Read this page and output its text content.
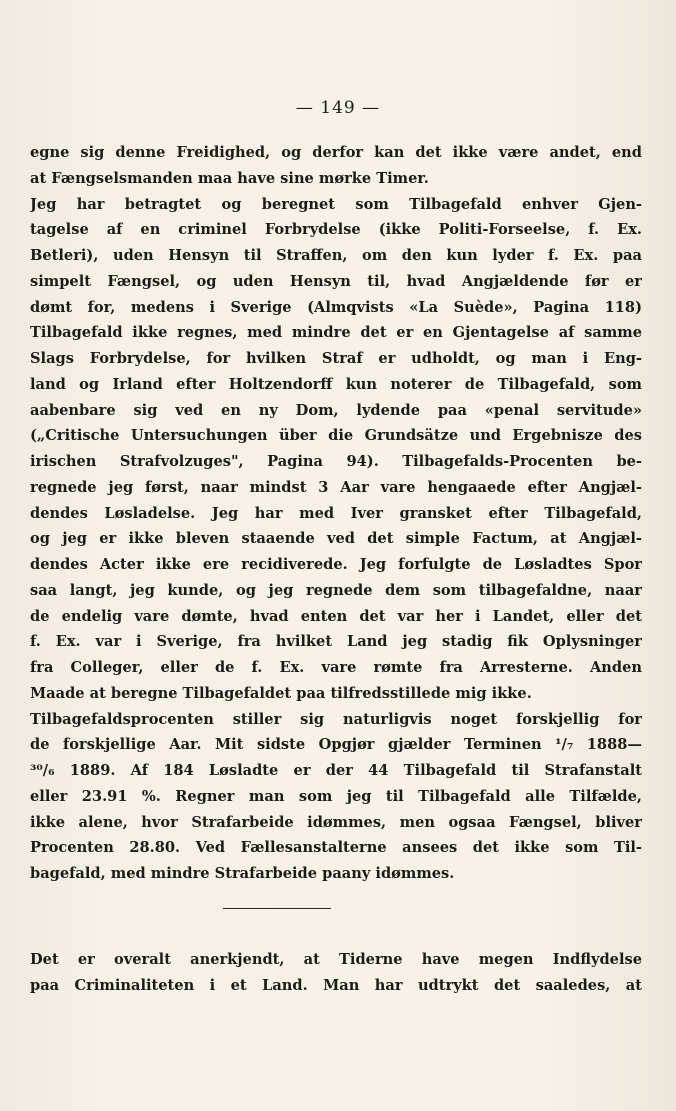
— 149 —
egne sig denne Freidighed, og derfor kan det ikke være andet, end
at Fængselsmanden maa have sine mørke Timer.
Jeg har betragtet og beregnet som Tilbagefald enhver Gjen-
tagelse af en criminel Forbrydelse (ikke Politi-Forseelse, f. Ex.
Betleri), uden Hensyn til Straffen, om den kun lyder f. Ex. paa
simpelt Fængsel, og uden Hensyn til, hvad Angjældende før er
dømt for, medens i Sverige (Almqvists «La Suède», Pagina 118)
Tilbagefald ikke regnes, med mindre det er en Gjentagelse af samme
Slags Forbrydelse, for hvilken Straf er udholdt, og man i Eng-
land og Irland efter Holtzendorff kun noterer de Tilbagefald, som
aabenbare sig ved en ny Dom, lydende paa «penal servitude»
(„Critische Untersuchungen über die Grundsätze und Ergebnisze des
irischen Strafvolzuges", Pagina 94). Tilbagefalds-Procenten be-
regnede jeg først, naar mindst 3 Aar vare hengaaede efter Angjæl-
dendes Løsladelse. Jeg har med Iver gransket efter Tilbagefald,
og jeg er ikke bleven staaende ved det simple Factum, at Angjæl-
dendes Acter ikke ere recidiverede. Jeg forfulgte de Løsladtes Spor
saa langt, jeg kunde, og jeg regnede dem som tilbagefaldne, naar
de endelig vare dømte, hvad enten det var her i Landet, eller det
f. Ex. var i Sverige, fra hvilket Land jeg stadig fik Oplysninger
fra Colleger, eller de f. Ex. vare rømte fra Arresterne. Anden
Maade at beregne Tilbagefaldet paa tilfredsstillede mig ikke.
Tilbagefaldsprocenten stiller sig naturligvis noget forskjellig for
de forskjellige Aar. Mit sidste Opgjør gjælder Terminen ¹/₇ 1888—
³⁰/₆ 1889. Af 184 Løsladte er der 44 Tilbagefald til Strafanstalt
eller 23.91 %. Regner man som jeg til Tilbagefald alle Tilfælde,
ikke alene, hvor Strafarbeide idømmes, men ogsaa Fængsel, bliver
Procenten 28.80. Ved Fællesanstalterne ansees det ikke som Til-
bagefald, med mindre Strafarbeide paany idømmes.
Det er overalt anerkjendt, at Tiderne have megen Indflydelse
paa Criminaliteten i et Land. Man har udtrykt det saaledes, at
